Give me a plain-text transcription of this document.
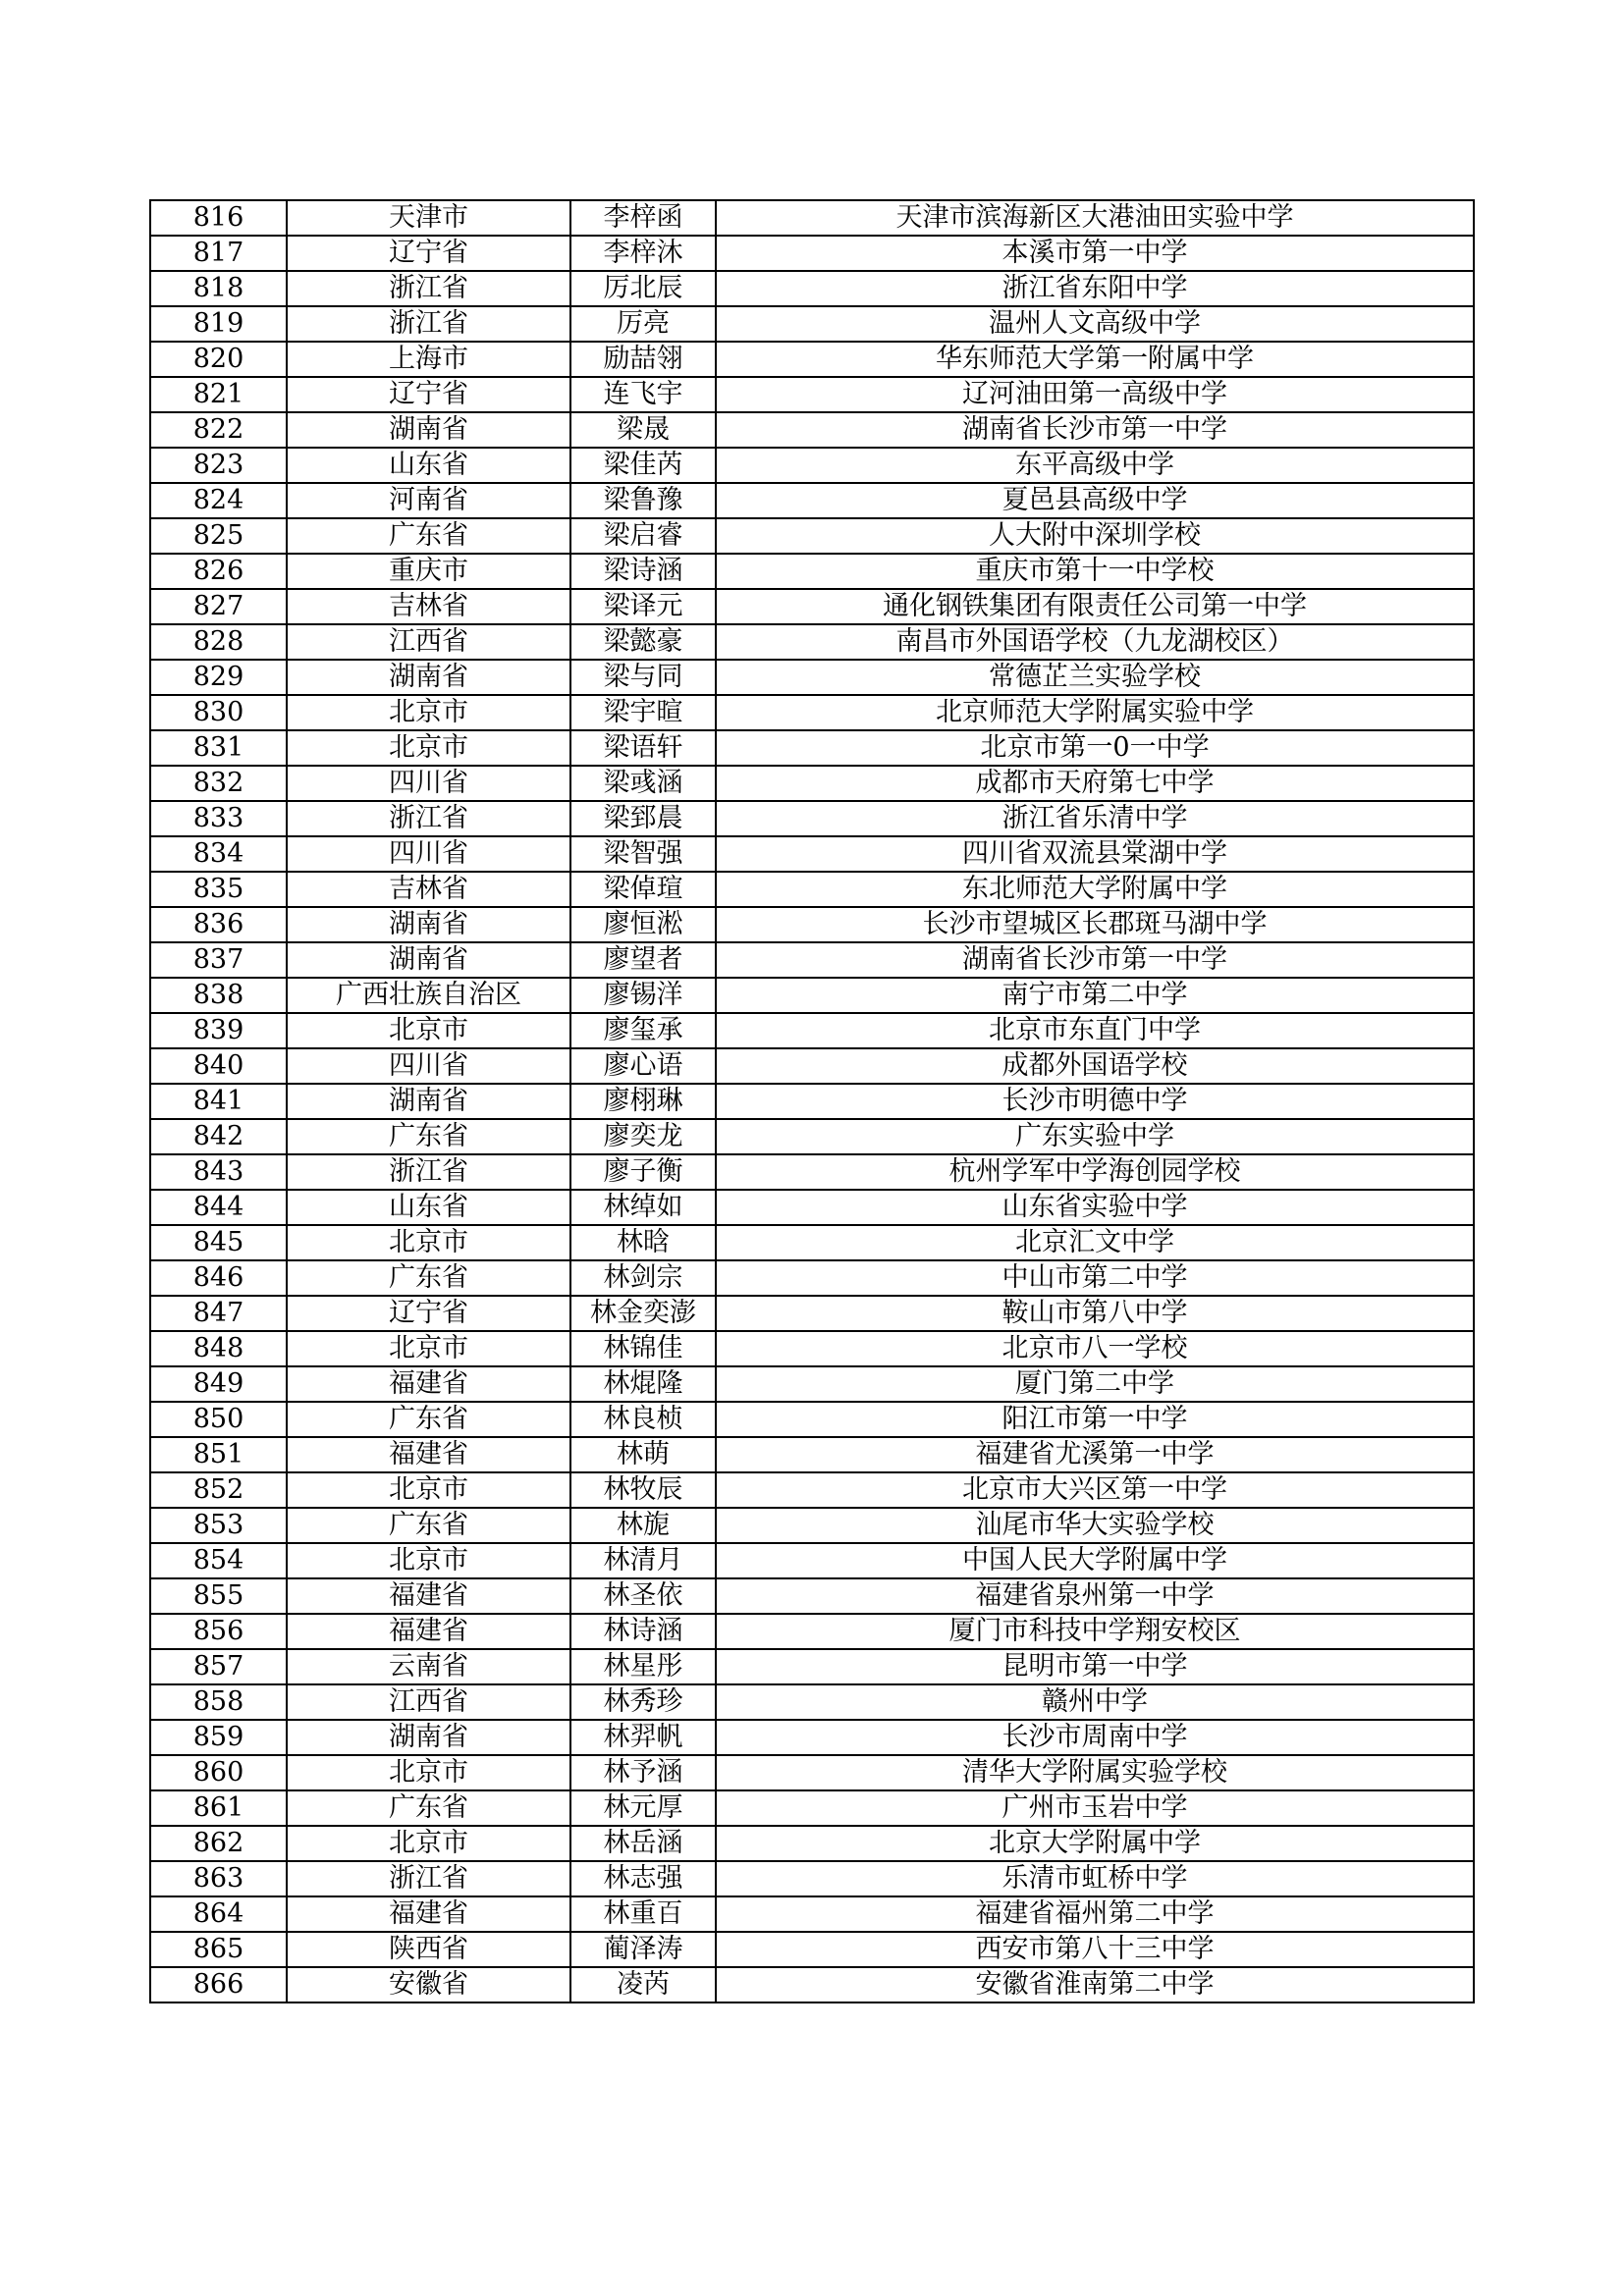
816	天津市	李梓函	天津市滨海新区大港油田实验中学
817	辽宁省	李梓沐	本溪市第一中学
818	浙江省	厉北辰	浙江省东阳中学
819	浙江省	厉亮	温州人文高级中学
820	上海市	励喆翎	华东师范大学第一附属中学
821	辽宁省	连飞宇	辽河油田第一高级中学
822	湖南省	梁晟	湖南省长沙市第一中学
823	山东省	梁佳芮	东平高级中学
824	河南省	梁鲁豫	夏邑县高级中学
825	广东省	梁启睿	人大附中深圳学校
826	重庆市	梁诗涵	重庆市第十一中学校
827	吉林省	梁译元	通化钢铁集团有限责任公司第一中学
828	江西省	梁懿豪	南昌市外国语学校（九龙湖校区）
829	湖南省	梁与同	常德芷兰实验学校
830	北京市	梁宇暄	北京师范大学附属实验中学
831	北京市	梁语轩	北京市第一0一中学
832	四川省	梁彧涵	成都市天府第七中学
833	浙江省	梁郅晨	浙江省乐清中学
834	四川省	梁智强	四川省双流县棠湖中学
835	吉林省	梁倬瑄	东北师范大学附属中学
836	湖南省	廖恒淞	长沙市望城区长郡斑马湖中学
837	湖南省	廖望者	湖南省长沙市第一中学
838	广西壮族自治区	廖锡洋	南宁市第二中学
839	北京市	廖玺承	北京市东直门中学
840	四川省	廖心语	成都外国语学校
841	湖南省	廖栩琳	长沙市明德中学
842	广东省	廖奕龙	广东实验中学
843	浙江省	廖子衡	杭州学军中学海创园学校
844	山东省	林绰如	山东省实验中学
845	北京市	林晗	北京汇文中学
846	广东省	林剑宗	中山市第二中学
847	辽宁省	林金奕澎	鞍山市第八中学
848	北京市	林锦佳	北京市八一学校
849	福建省	林焜隆	厦门第二中学
850	广东省	林良桢	阳江市第一中学
851	福建省	林萌	福建省尤溪第一中学
852	北京市	林牧辰	北京市大兴区第一中学
853	广东省	林旎	汕尾市华大实验学校
854	北京市	林清月	中国人民大学附属中学
855	福建省	林圣依	福建省泉州第一中学
856	福建省	林诗涵	厦门市科技中学翔安校区
857	云南省	林星彤	昆明市第一中学
858	江西省	林秀珍	赣州中学
859	湖南省	林羿帆	长沙市周南中学
860	北京市	林予涵	清华大学附属实验学校
861	广东省	林元厚	广州市玉岩中学
862	北京市	林岳涵	北京大学附属中学
863	浙江省	林志强	乐清市虹桥中学
864	福建省	林重百	福建省福州第二中学
865	陕西省	蔺泽涛	西安市第八十三中学
866	安徽省	凌芮	安徽省淮南第二中学
